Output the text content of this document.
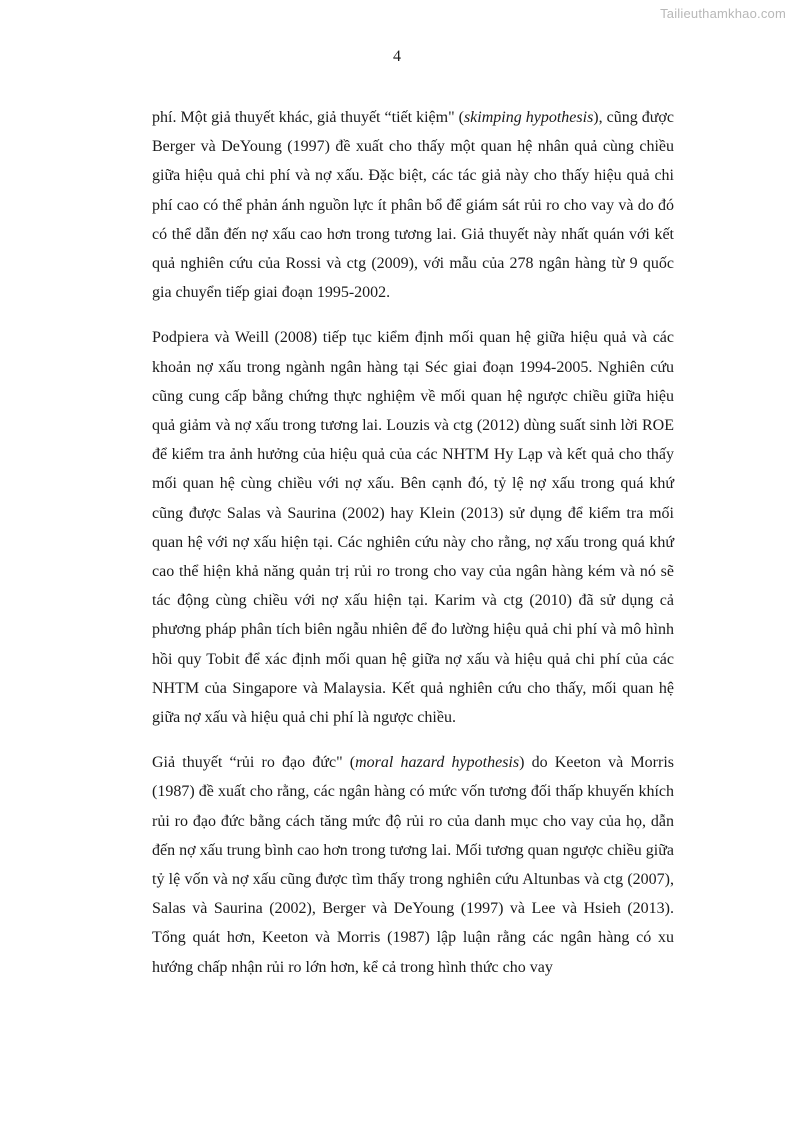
Tailieuthamkhao.com
4

phí. Một giả thuyết khác, giả thuyết “tiết kiệm" (skimping hypothesis), cũng được Berger và DeYoung (1997) đề xuất cho thấy một quan hệ nhân quả cùng chiều giữa hiệu quả chi phí và nợ xấu. Đặc biệt, các tác giả này cho thấy hiệu quả chi phí cao có thể phản ánh nguồn lực ít phân bổ để giám sát rủi ro cho vay và do đó có thể dẫn đến nợ xấu cao hơn trong tương lai. Giả thuyết này nhất quán với kết quả nghiên cứu của Rossi và ctg (2009), với mẫu của 278 ngân hàng từ 9 quốc gia chuyển tiếp giai đoạn 1995-2002.

Podpiera và Weill (2008) tiếp tục kiểm định mối quan hệ giữa hiệu quả và các khoản nợ xấu trong ngành ngân hàng tại Séc giai đoạn 1994-2005. Nghiên cứu cũng cung cấp bằng chứng thực nghiệm về mối quan hệ ngược chiều giữa hiệu quả giảm và nợ xấu trong tương lai. Louzis và ctg (2012) dùng suất sinh lời ROE để kiểm tra ảnh hưởng của hiệu quả của các NHTM Hy Lạp và kết quả cho thấy mối quan hệ cùng chiều với nợ xấu. Bên cạnh đó, tỷ lệ nợ xấu trong quá khứ cũng được Salas và Saurina (2002) hay Klein (2013) sử dụng để kiểm tra mối quan hệ với nợ xấu hiện tại. Các nghiên cứu này cho rằng, nợ xấu trong quá khứ cao thể hiện khả năng quản trị rủi ro trong cho vay của ngân hàng kém và nó sẽ tác động cùng chiều với nợ xấu hiện tại. Karim và ctg (2010) đã sử dụng cả phương pháp phân tích biên ngẫu nhiên để đo lường hiệu quả chi phí và mô hình hồi quy Tobit để xác định mối quan hệ giữa nợ xấu và hiệu quả chi phí của các NHTM của Singapore và Malaysia. Kết quả nghiên cứu cho thấy, mối quan hệ giữa nợ xấu và hiệu quả chi phí là ngược chiều.

Giả thuyết “rủi ro đạo đức" (moral hazard hypothesis) do Keeton và Morris (1987) đề xuất cho rằng, các ngân hàng có mức vốn tương đối thấp khuyến khích rủi ro đạo đức bằng cách tăng mức độ rủi ro của danh mục cho vay của họ, dẫn đến nợ xấu trung bình cao hơn trong tương lai. Mối tương quan ngược chiều giữa tỷ lệ vốn và nợ xấu cũng được tìm thấy trong nghiên cứu Altunbas và ctg (2007), Salas và Saurina (2002), Berger và DeYoung (1997) và Lee và Hsieh (2013). Tổng quát hơn, Keeton và Morris (1987) lập luận rằng các ngân hàng có xu hướng chấp nhận rủi ro lớn hơn, kể cả trong hình thức cho vay
